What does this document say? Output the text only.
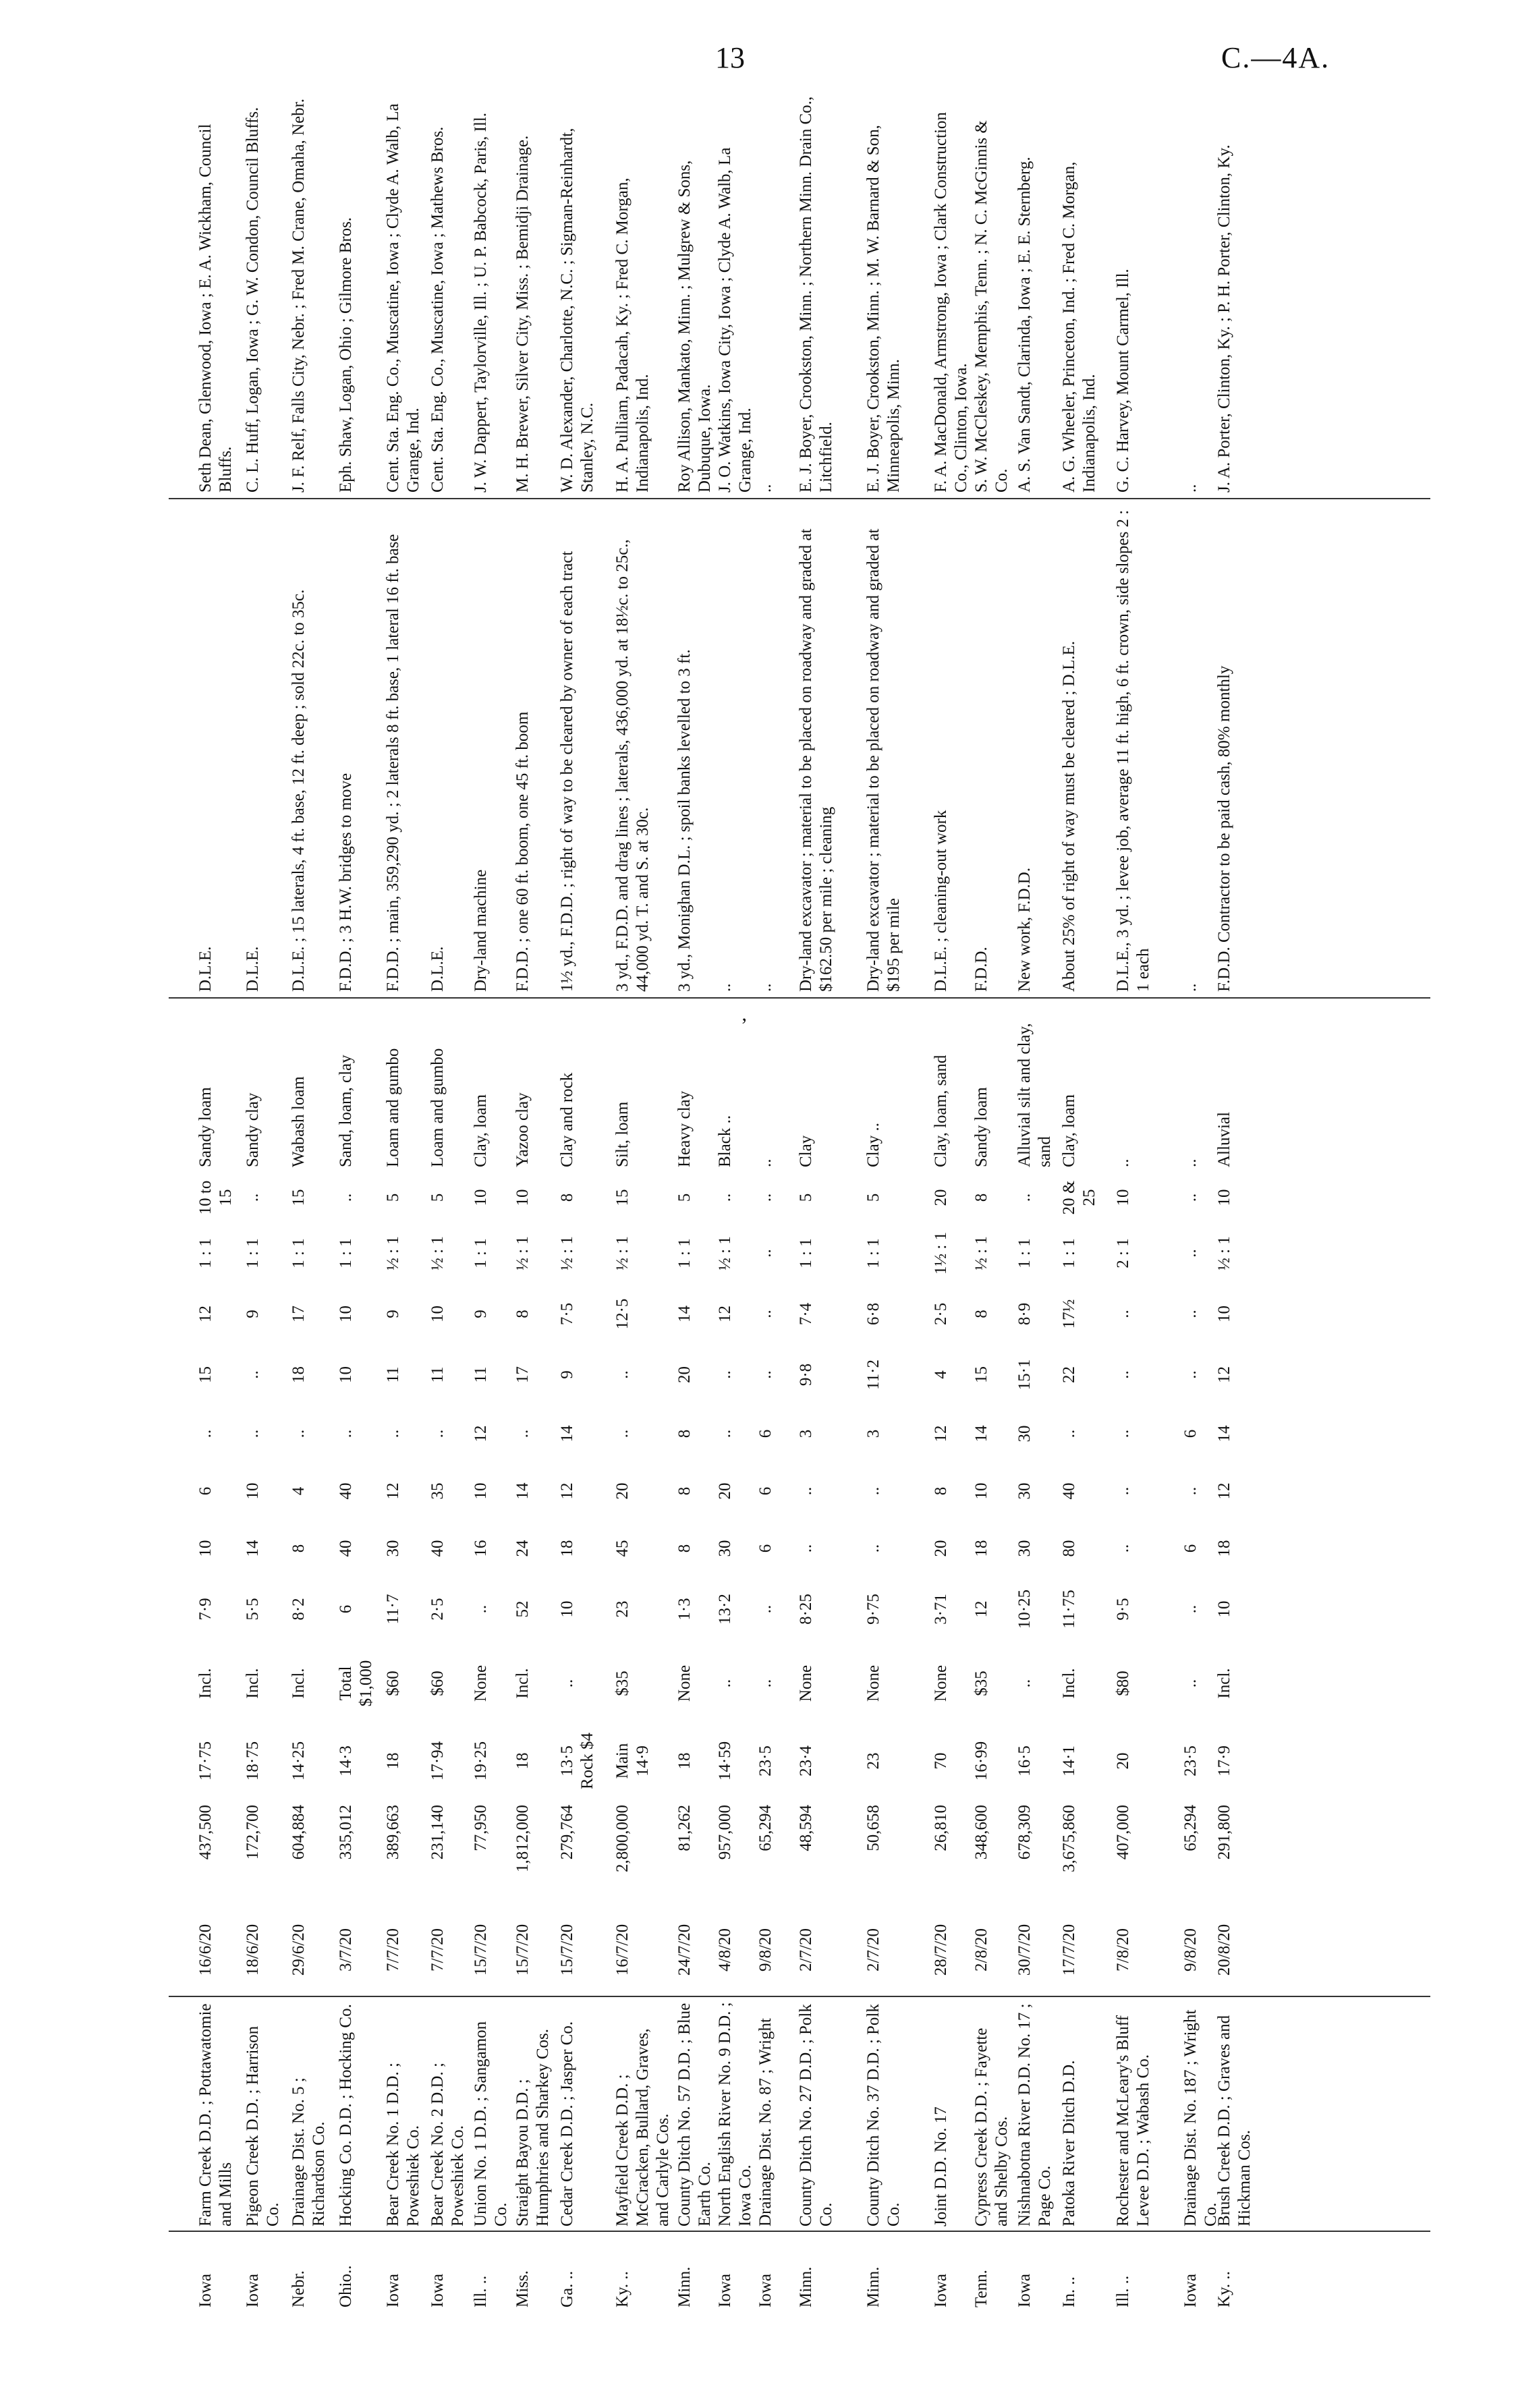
13	C.—4A.
’
Iowa
Farm Creek D.D. ; Pottawatomie and Mills
16/6/20
437,500
17·75
Incl.
7·9
10
6
..
15
12
1 : 1
10 to 15
Sandy loam
D.L.E.
Seth Dean, Glenwood, Iowa ; E. A. Wickham, Council Bluffs.
Iowa
Pigeon Creek D.D. ; Harrison Co.
18/6/20
172,700
18·75
Incl.
5·5
14
10
..
..
9
1 : 1
..
Sandy clay
D.L.E.
C. L. Huff, Logan, Iowa ; G. W. Condon, Council Bluffs.
Nebr.
Drainage Dist. No. 5 ; Richardson Co.
29/6/20
604,884
14·25
Incl.
8·2
8
4
..
18
17
1 : 1
15
Wabash loam
D.L.E. ; 15 laterals, 4 ft. base, 12 ft. deep ; sold 22c. to 35c.
J. F. Relf, Falls City, Nebr. ; Fred M. Crane, Omaha, Nebr.
Ohio..
Hocking Co. D.D. ; Hocking Co.
3/7/20
335,012
14·3
Total $1,000
6
40
40
..
10
10
1 : 1
..
Sand, loam, clay
F.D.D. ; 3 H.W. bridges to move
Eph. Shaw, Logan, Ohio ; Gilmore Bros.
Iowa
Bear Creek No. 1 D.D. ; Poweshiek Co.
7/7/20
389,663
18
$60
11·7
30
12
..
11
9
½ : 1
5
Loam and gumbo
F.D.D. ; main, 359,290 yd. ; 2 laterals 8 ft. base, 1 lateral 16 ft. base
Cent. Sta. Eng. Co., Muscatine, Iowa ; Clyde A. Walb, La Grange, Ind.
Iowa
Bear Creek No. 2 D.D. ; Poweshiek Co.
7/7/20
231,140
17·94
$60
2·5
40
35
..
11
10
½ : 1
5
Loam and gumbo
D.L.E.
Cent. Sta. Eng. Co., Muscatine, Iowa ; Mathews Bros.
Ill. ..
Union No. 1 D.D. ; Sangamon Co.
15/7/20
77,950
19·25
None
..
16
10
12
11
9
1 : 1
10
Clay, loam
Dry-land machine
J. W. Dappert, Taylorville, Ill. ; U. P. Babcock, Paris, Ill.
Miss.
Straight Bayou D.D. ; Humphries and Sharkey Cos.
15/7/20
1,812,000
18
Incl.
52
24
14
..
17
8
½ : 1
10
Yazoo clay
F.D.D. ; one 60 ft. boom, one 45 ft. boom
M. H. Brewer, Silver City, Miss. ; Bemidji Drainage.
Ga. ..
Cedar Creek D.D. ; Jasper Co.
15/7/20
279,764
13·5 Rock $4
..
10
18
12
14
9
7·5
½ : 1
8
Clay and rock
1½ yd., F.D.D. ; right of way to be cleared by owner of each tract
W. D. Alexander, Charlotte, N.C. ; Sigman-Reinhardt, Stanley, N.C.
Ky. ..
Mayfield Creek D.D. ; McCracken, Bullard, Graves, and Carlyle Cos.
16/7/20
2,800,000
Main 14·9
$35
23
45
20
..
..
12·5
½ : 1
15
Silt, loam
3 yd., F.D.D. and drag lines ; laterals, 436,000 yd. at 18½c. to 25c., 44,000 yd. T. and S. at 30c.
H. A. Pulliam, Padacah, Ky. ; Fred C. Morgan, Indianapolis, Ind.
Minn.
County Ditch No. 57 D.D. ; Blue Earth Co.
24/7/20
81,262
18
None
1·3
8
8
8
20
14
1 : 1
5
Heavy clay
3 yd., Monighan D.L. ; spoil banks levelled to 3 ft.
Roy Allison, Mankato, Minn. ; Mulgrew & Sons, Dubuque, Iowa.
Iowa
North English River No. 9 D.D. ; Iowa Co.
4/8/20
957,000
14·59
..
13·2
30
20
..
..
12
½ : 1
..
Black ..
..
J. O. Watkins, Iowa City, Iowa ; Clyde A. Walb, La Grange, Ind.
Iowa
Drainage Dist. No. 87 ; Wright
9/8/20
65,294
23·5
..
..
6
6
6
..
..
..
..
..
..
..
Minn.
County Ditch No. 27 D.D. ; Polk Co.
2/7/20
48,594
23·4
None
8·25
..
..
3
9·8
7·4
1 : 1
5
Clay
Dry-land excavator ; material to be placed on roadway and graded at $162.50 per mile ; cleaning
E. J. Boyer, Crookston, Minn. ; Northern Minn. Drain Co., Litchfield.
Minn.
County Ditch No. 37 D.D. ; Polk Co.
2/7/20
50,658
23
None
9·75
..
..
3
11·2
6·8
1 : 1
5
Clay ..
Dry-land excavator ; material to be placed on roadway and graded at $195 per mile
E. J. Boyer, Crookston, Minn. ; M. W. Barnard & Son, Minneapolis, Minn.
Iowa
Joint D.D. No. 17
28/7/20
26,810
70
None
3·71
20
8
12
4
2·5
1½ : 1
20
Clay, loam, sand
D.L.E. ; cleaning-out work
F. A. MacDonald, Armstrong, Iowa ; Clark Construction Co., Clinton, Iowa.
Tenn.
Cypress Creek D.D. ; Fayette and Shelby Cos.
2/8/20
348,600
16·99
$35
12
18
10
14
15
8
½ : 1
8
Sandy loam
F.D.D.
S. W. McCleskey, Memphis, Tenn. ; N. C. McGinnis & Co.
Iowa
Nishnabotna River D.D. No. 17 ; Page Co.
30/7/20
678,309
16·5
..
10·25
30
30
30
15·1
8·9
1 : 1
..
Alluvial silt and clay, sand
New work, F.D.D.
A. S. Van Sandt, Clarinda, Iowa ; E. E. Sternberg.
In. ..
Patoka River Ditch D.D.
17/7/20
3,675,860
14·1
Incl.
11·75
80
40
..
22
17½
1 : 1
20 & 25
Clay, loam
About 25% of right of way must be cleared ; D.L.E.
A. G. Wheeler, Princeton, Ind. ; Fred C. Morgan, Indianapolis, Ind.
Ill. ..
Rochester and McLeary's Bluff Levee D.D. ; Wabash Co.
7/8/20
407,000
20
$80
9·5
..
..
..
..
..
2 : 1
10
..
D.L.E., 3 yd. ; levee job, average 11 ft. high, 6 ft. crown, side slopes 2 : 1 each
G. C. Harvey, Mount Carmel, Ill.
Iowa
Drainage Dist. No. 187 ; Wright Co.
9/8/20
65,294
23·5
..
..
6
..
6
..
..
..
..
..
..
..
Ky. ..
Brush Creek D.D. ; Graves and Hickman Cos.
20/8/20
291,800
17·9
Incl.
10
18
12
14
12
10
½ : 1
10
Alluvial
F.D.D. Contractor to be paid cash, 80% monthly
J. A. Porter, Clinton, Ky. ; P. H. Porter, Clinton, Ky.
